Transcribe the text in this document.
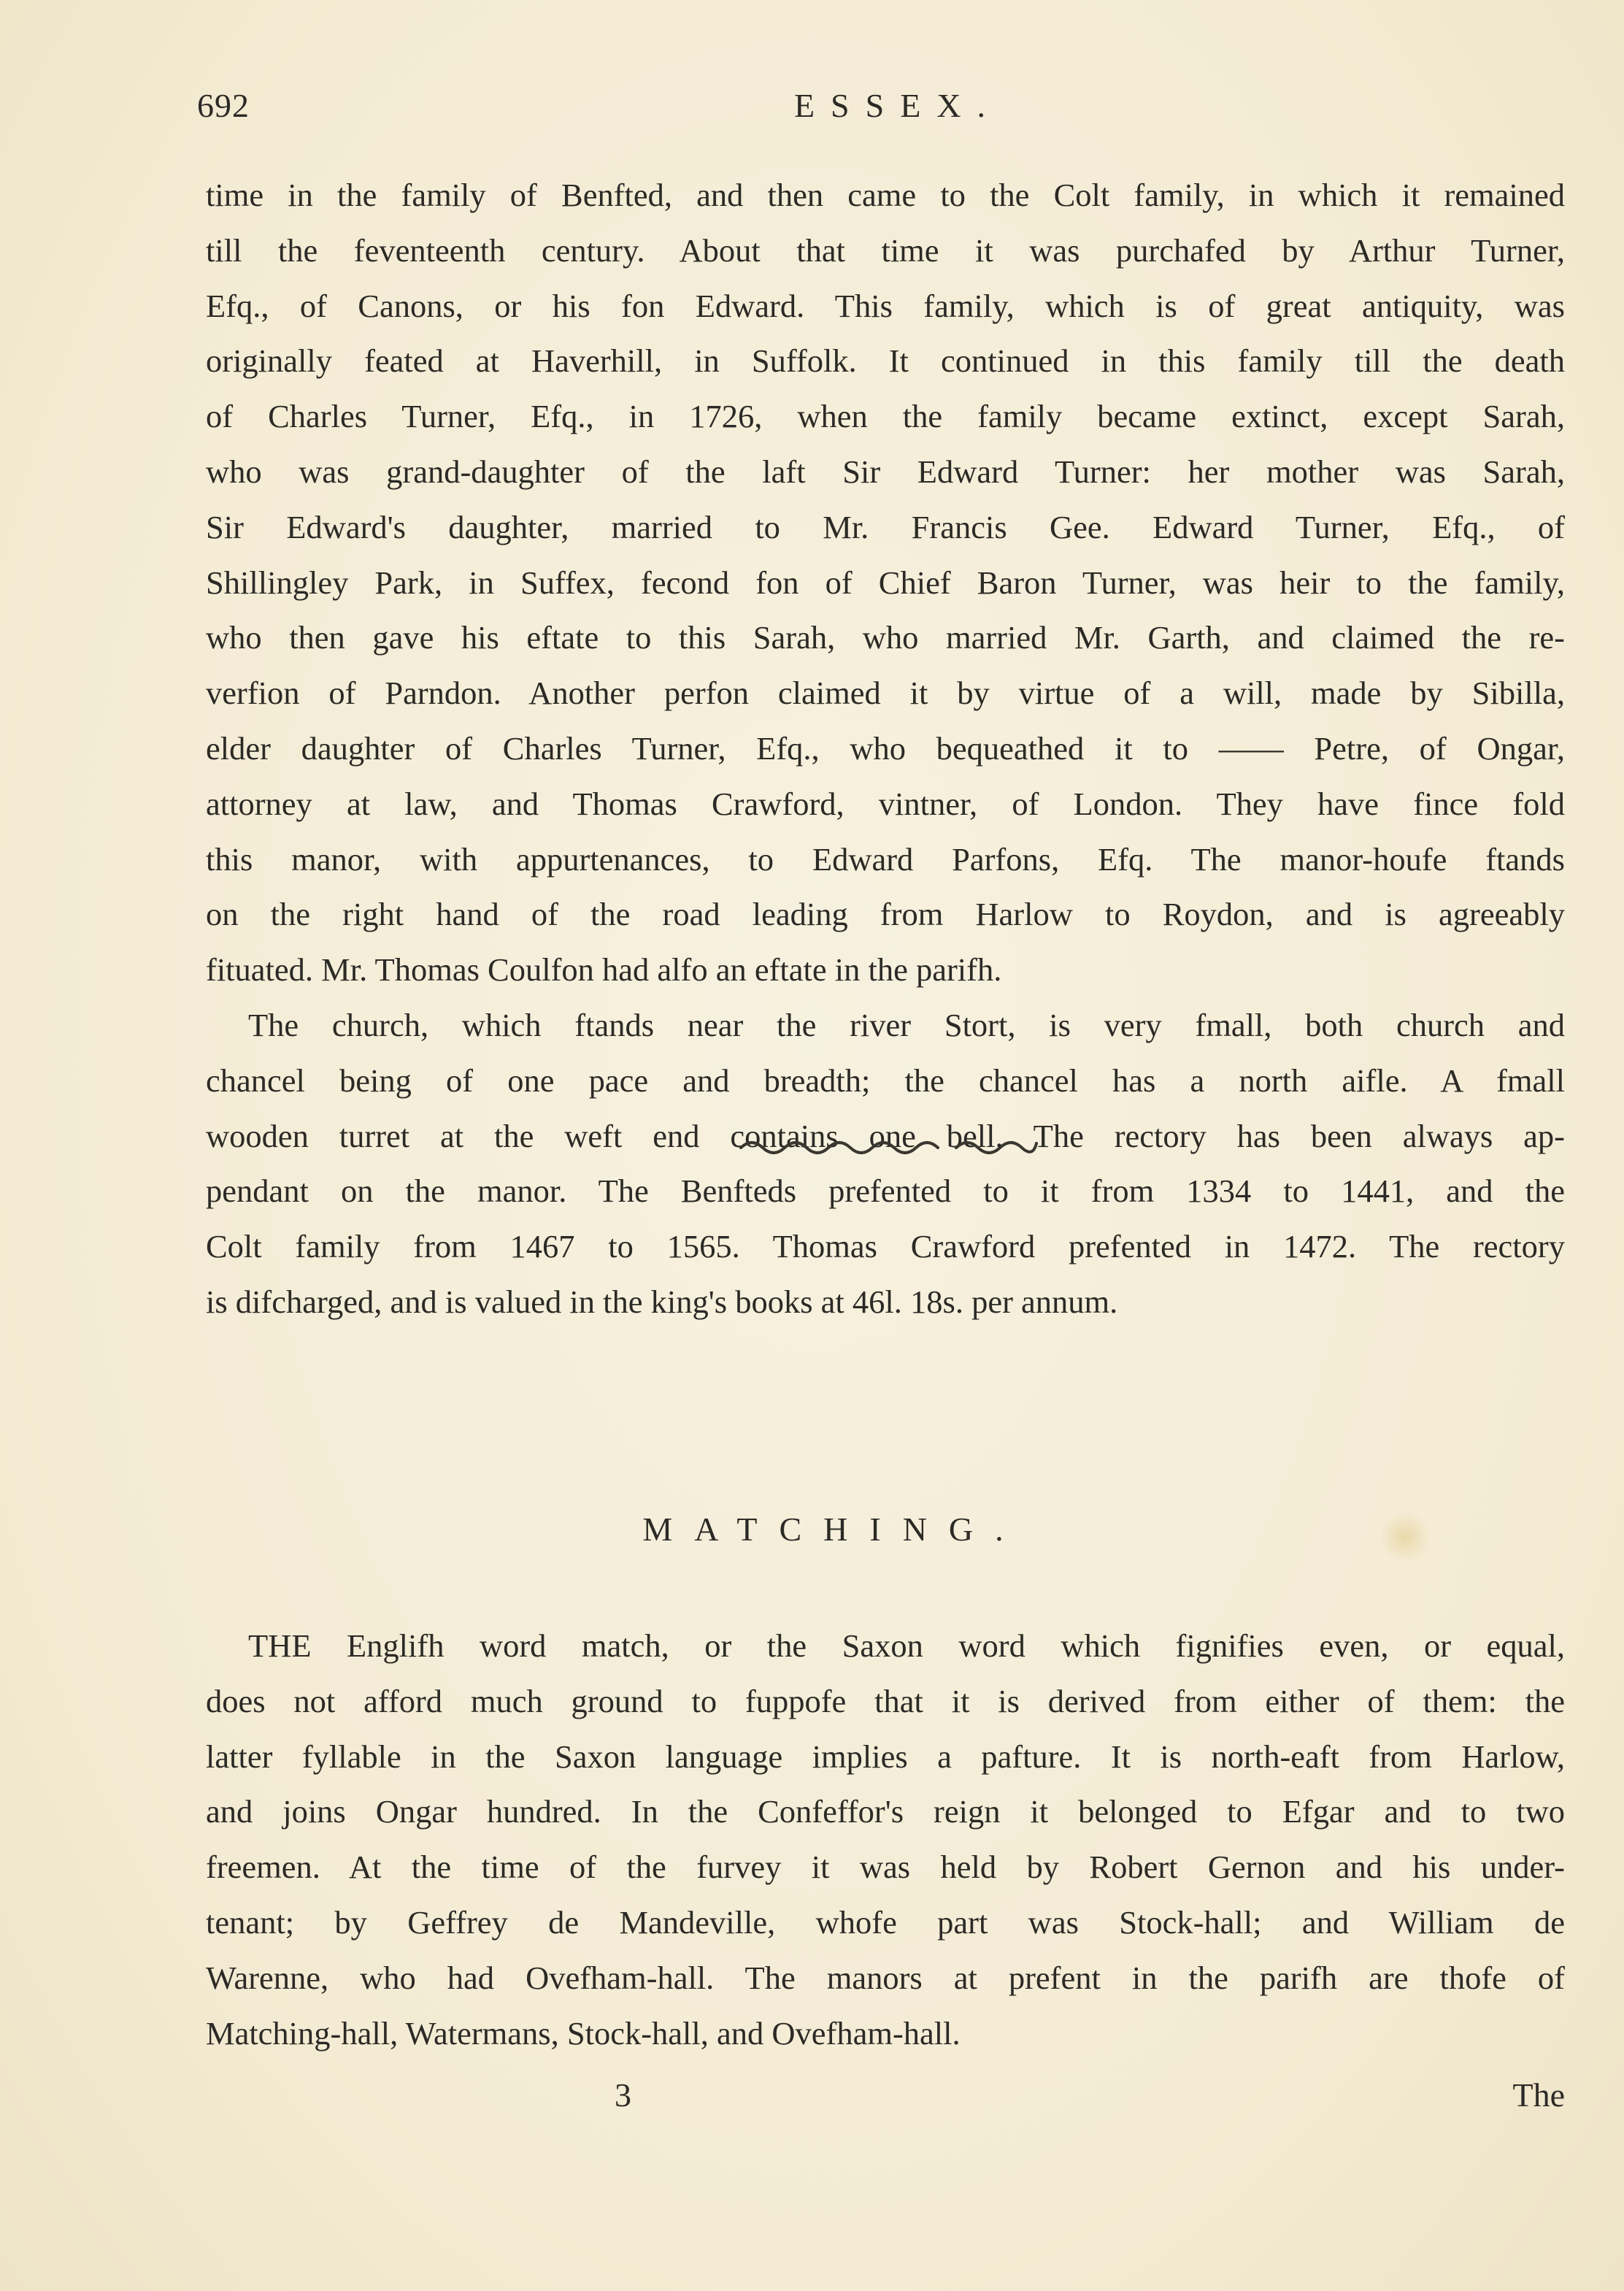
692	ESSEX.

time in the family of Benfted, and then came to the Colt family, in which it remained
till the feventeenth century. About that time it was purchafed by Arthur Turner,
Efq., of Canons, or his fon Edward. This family, which is of great antiquity, was
originally feated at Haverhill, in Suffolk. It continued in this family till the death
of Charles Turner, Efq., in 1726, when the family became extinct, except Sarah,
who was grand-daughter of the laft Sir Edward Turner: her mother was Sarah,
Sir Edward's daughter, married to Mr. Francis Gee. Edward Turner, Efq., of
Shillingley Park, in Suffex, fecond fon of Chief Baron Turner, was heir to the family,
who then gave his eftate to this Sarah, who married Mr. Garth, and claimed the re-
verfion of Parndon. Another perfon claimed it by virtue of a will, made by Sibilla,
elder daughter of Charles Turner, Efq., who bequeathed it to —— Petre, of Ongar,
attorney at law, and Thomas Crawford, vintner, of London. They have fince fold
this manor, with appurtenances, to Edward Parfons, Efq. The manor-houfe ftands
on the right hand of the road leading from Harlow to Roydon, and is agreeably
fituated. Mr. Thomas Coulfon had alfo an eftate in the parifh.

The church, which ftands near the river Stort, is very fmall, both church and
chancel being of one pace and breadth; the chancel has a north aifle. A fmall
wooden turret at the weft end contains one bell. The rectory has been always ap-
pendant on the manor. The Benfteds prefented to it from 1334 to 1441, and the
Colt family from 1467 to 1565. Thomas Crawford prefented in 1472. The rectory
is difcharged, and is valued in the king's books at 46l. 18s. per annum.

MATCHING.

THE Englifh word match, or the Saxon word which fignifies even, or equal,
does not afford much ground to fuppofe that it is derived from either of them: the
latter fyllable in the Saxon language implies a pafture. It is north-eaft from Harlow,
and joins Ongar hundred. In the Confeffor's reign it belonged to Efgar and to two
freemen. At the time of the furvey it was held by Robert Gernon and his under-
tenant; by Geffrey de Mandeville, whofe part was Stock-hall; and William de
Warenne, who had Ovefham-hall. The manors at prefent in the parifh are thofe of
Matching-hall, Watermans, Stock-hall, and Ovefham-hall.

3	The
